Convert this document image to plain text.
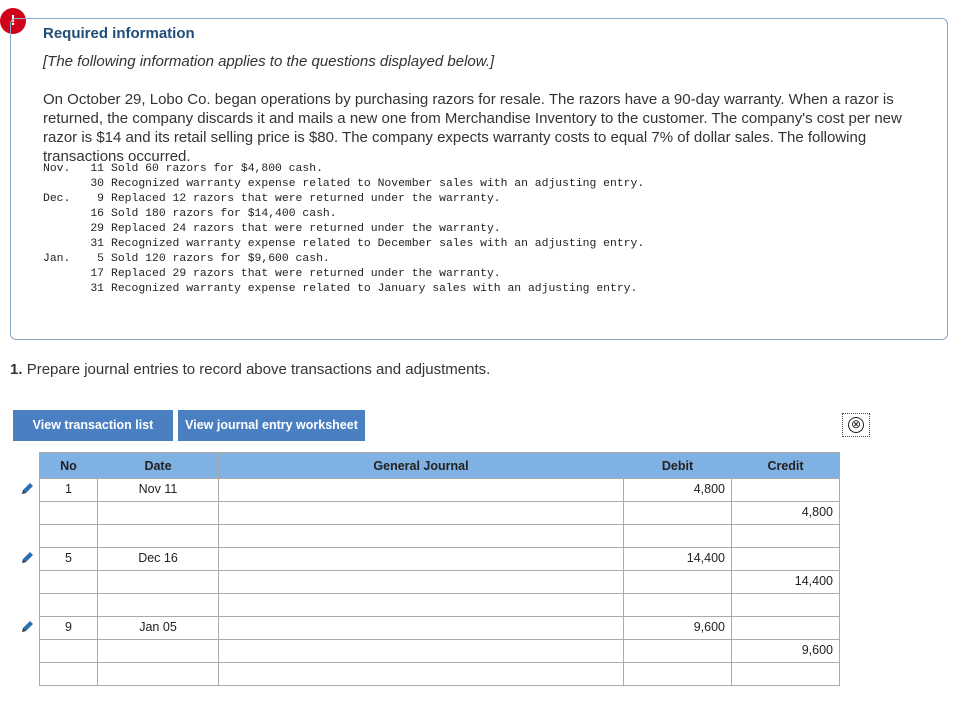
!
Required information
[The following information applies to the questions displayed below.]
On October 29, Lobo Co. began operations by purchasing razors for resale. The razors have a 90-day warranty. When a razor is returned, the company discards it and mails a new one from Merchandise Inventory to the customer. The company's cost per new razor is $14 and its retail selling price is $80. The company expects warranty costs to equal 7% of dollar sales. The following transactions occurred.
Nov. 11 Sold 60 razors for $4,800 cash.
30 Recognized warranty expense related to November sales with an adjusting entry.
Dec. 9 Replaced 12 razors that were returned under the warranty.
16 Sold 180 razors for $14,400 cash.
29 Replaced 24 razors that were returned under the warranty.
31 Recognized warranty expense related to December sales with an adjusting entry.
Jan. 5 Sold 120 razors for $9,600 cash.
17 Replaced 29 razors that were returned under the warranty.
31 Recognized warranty expense related to January sales with an adjusting entry.
1. Prepare journal entries to record above transactions and adjustments.
View transaction list	View journal entry worksheet	⊗
No	Date	General Journal	Debit	Credit
1	Nov 11		4,800	
				4,800

5	Dec 16		14,400	
				14,400

9	Jan 05		9,600	
				9,600
